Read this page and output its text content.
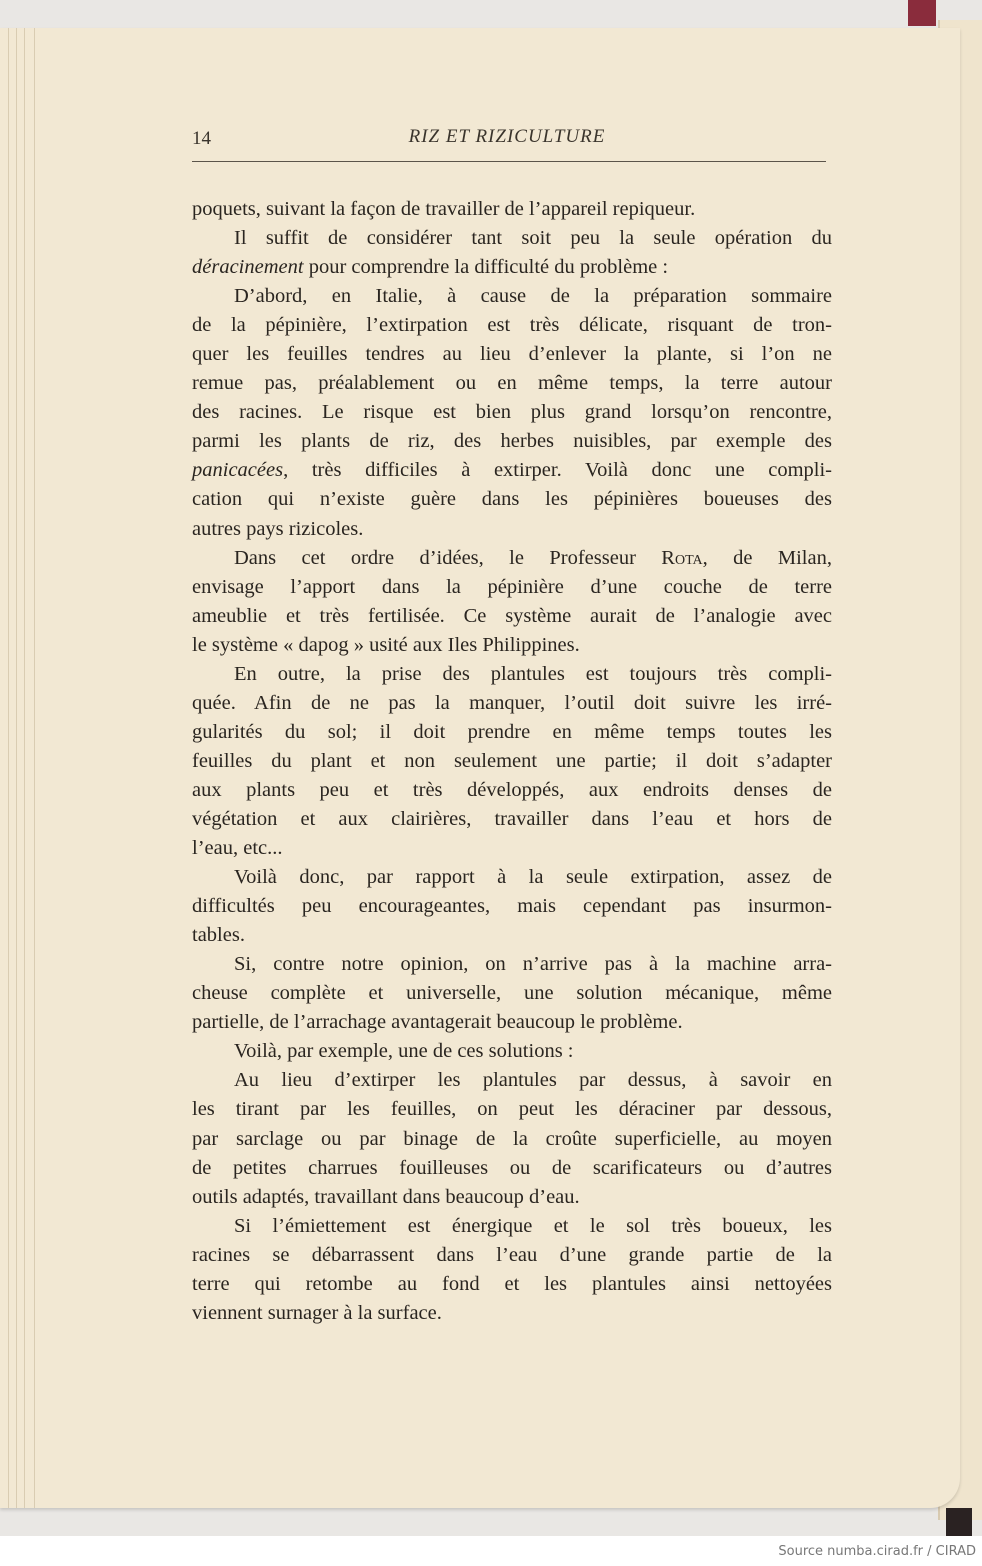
14	RIZ ET RIZICULTURE
poquets, suivant la façon de travailler de l’appareil repiqueur.
Il suffit de considérer tant soit peu la seule opération du
déracinement pour comprendre la difficulté du problème :
D’abord, en Italie, à cause de la préparation sommaire
de la pépinière, l’extirpation est très délicate, risquant de tron-
quer les feuilles tendres au lieu d’enlever la plante, si l’on ne
remue pas, préalablement ou en même temps, la terre autour
des racines. Le risque est bien plus grand lorsqu’on rencontre,
parmi les plants de riz, des herbes nuisibles, par exemple des
panicacées, très difficiles à extirper. Voilà donc une compli-
cation qui n’existe guère dans les pépinières boueuses des
autres pays rizicoles.
Dans cet ordre d’idées, le Professeur Rota, de Milan,
envisage l’apport dans la pépinière d’une couche de terre
ameublie et très fertilisée. Ce système aurait de l’analogie avec
le système « dapog » usité aux Iles Philippines.
En outre, la prise des plantules est toujours très compli-
quée. Afin de ne pas la manquer, l’outil doit suivre les irré-
gularités du sol; il doit prendre en même temps toutes les
feuilles du plant et non seulement une partie; il doit s’adapter
aux plants peu et très développés, aux endroits denses de
végétation et aux clairières, travailler dans l’eau et hors de
l’eau, etc...
Voilà donc, par rapport à la seule extirpation, assez de
difficultés peu encourageantes, mais cependant pas insurmon-
tables.
Si, contre notre opinion, on n’arrive pas à la machine arra-
cheuse complète et universelle, une solution mécanique, même
partielle, de l’arrachage avantagerait beaucoup le problème.
Voilà, par exemple, une de ces solutions :
Au lieu d’extirper les plantules par dessus, à savoir en
les tirant par les feuilles, on peut les déraciner par dessous,
par sarclage ou par binage de la croûte superficielle, au moyen
de petites charrues fouilleuses ou de scarificateurs ou d’autres
outils adaptés, travaillant dans beaucoup d’eau.
Si l’émiettement est énergique et le sol très boueux, les
racines se débarrassent dans l’eau d’une grande partie de la
terre qui retombe au fond et les plantules ainsi nettoyées
viennent surnager à la surface.
Source numba.cirad.fr / CIRAD
